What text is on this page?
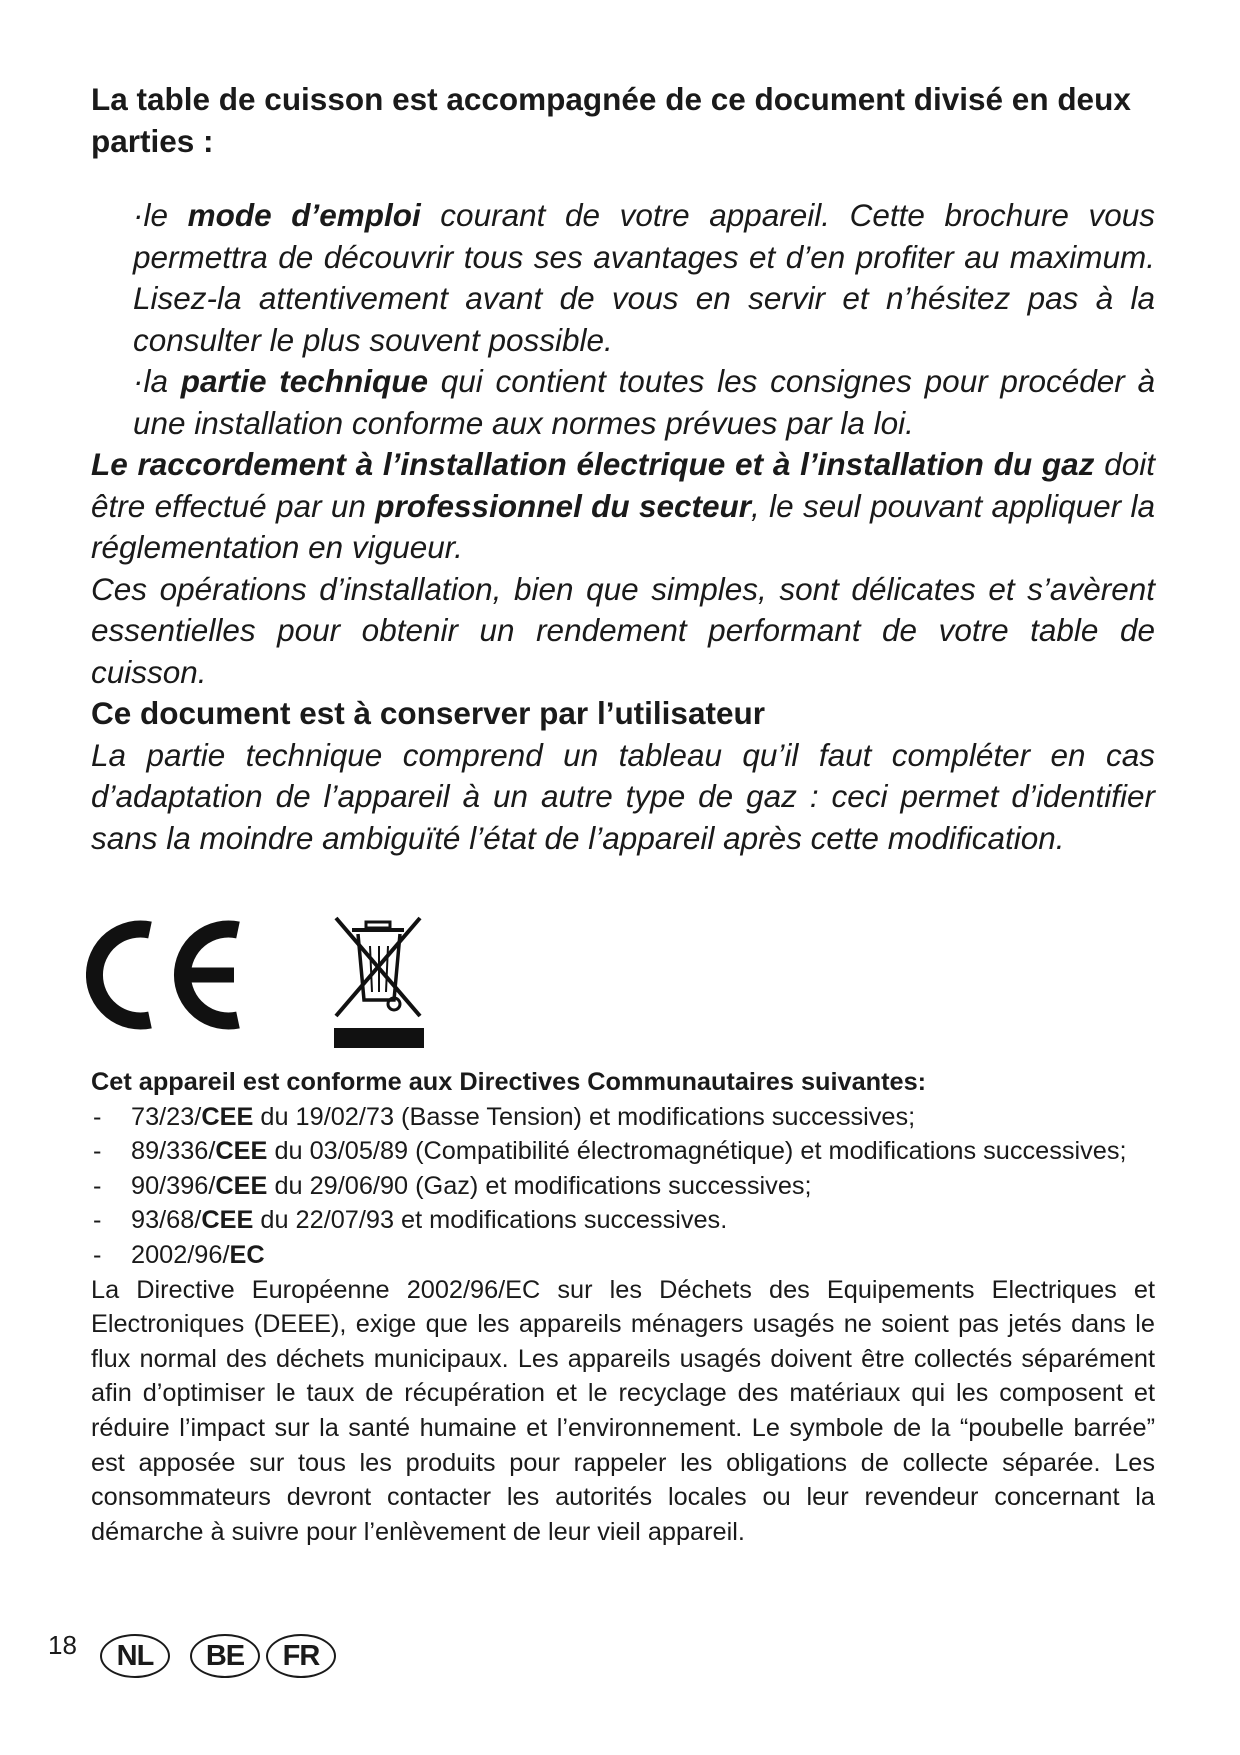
La table de cuisson est accompagnée de ce document divisé en deux parties :

·le mode d’emploi courant de votre appareil. Cette brochure vous permettra de découvrir tous ses avantages et d’en profiter au maximum. Lisez-la attentivement avant de vous en servir et n’hésitez pas à la consulter le plus souvent possible.

·la partie technique qui contient toutes les consignes pour procéder à une installation conforme aux normes prévues par la loi.

Le raccordement à l’installation électrique et à l’installation du gaz doit être effectué par un professionnel du secteur, le seul pouvant appliquer la réglementation en vigueur.

Ces opérations d’installation, bien que simples, sont délicates et s’avèrent essentielles pour obtenir un rendement performant de votre table de cuisson.

Ce document est à conserver par l’utilisateur

La partie technique comprend un tableau qu’il faut compléter en cas d’adaptation de l’appareil à un autre type de gaz : ceci permet d’identifier sans la moindre ambiguïté l’état de l’appareil après cette modification.

Cet appareil est conforme aux Directives Communautaires suivantes:

- 73/23/CEE du 19/02/73 (Basse Tension) et modifications successives;
- 89/336/CEE du 03/05/89 (Compatibilité électromagnétique) et modifications successives;
- 90/396/CEE du 29/06/90 (Gaz) et modifications successives;
- 93/68/CEE du 22/07/93 et modifications successives.
- 2002/96/EC

La Directive Européenne 2002/96/EC sur les Déchets des Equipements Electriques et Electroniques (DEEE), exige que les appareils ménagers usagés ne soient pas jetés dans le flux normal des déchets municipaux. Les appareils usagés doivent être collectés séparément afin d’optimiser le taux de récupération et le recyclage des matériaux qui les composent et réduire l’impact sur la santé humaine et l’environnement. Le symbole de la “poubelle barrée” est apposée sur tous les produits pour rappeler les obligations de collecte séparée. Les consommateurs devront contacter les autorités locales ou leur revendeur concernant la démarche à suivre pour l’enlèvement de leur vieil appareil.

18	NL	BE	FR
